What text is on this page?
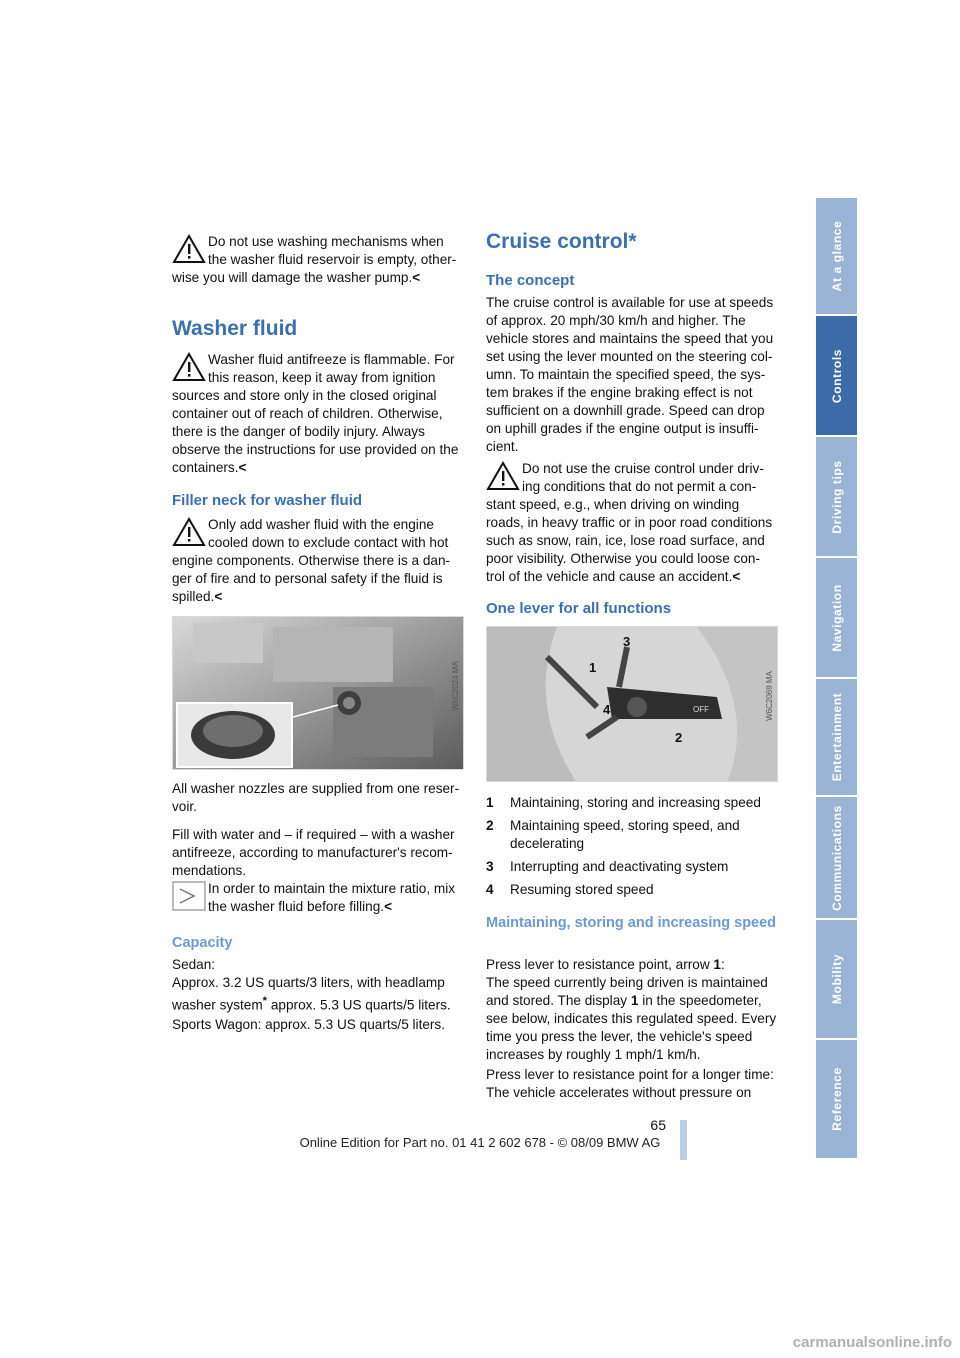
Do not use washing mechanisms when the washer fluid reservoir is empty, other-

wise you will damage the washer pump.<

Washer fluid

Washer fluid antifreeze is flammable. For this reason, keep it away from ignition

sources and store only in the closed original container out of reach of children. Otherwise, there is the danger of bodily injury. Always observe the instructions for use provided on the containers.<

Filler neck for washer fluid

Only add washer fluid with the engine cooled down to exclude contact with hot

engine components. Otherwise there is a dan-ger of fire and to personal safety if the fluid is spilled.<

W6C2024 MA

All washer nozzles are supplied from one reser-voir.

Fill with water and – if required – with a washer antifreeze, according to manufacturer's recom-mendations.

In order to maintain the mixture ratio, mix the washer fluid before filling.<

Capacity

Sedan:

Approx. 3.2 US quarts/3 liters, with headlamp washer system* approx. 5.3 US quarts/5 liters.

Sports Wagon: approx. 5.3 US quarts/5 liters.

Cruise control*
The concept

The cruise control is available for use at speeds of approx. 20 mph/30 km/h and higher. The vehicle stores and maintains the speed that you set using the lever mounted on the steering col-umn. To maintain the specified speed, the sys-tem brakes if the engine braking effect is not sufficient on a downhill grade. Speed can drop on uphill grades if the engine output is insuffi-cient.

Do not use the cruise control under driv-ing conditions that do not permit a con-

stant speed, e.g., when driving on winding roads, in heavy traffic or in poor road conditions such as snow, rain, ice, lose road surface, and poor visibility. Otherwise you could loose con-trol of the vehicle and cause an accident.<

One lever for all functions
1
2
3
4	OFF	W6C2069 MA
1 Maintaining, storing and increasing speed
2 Maintaining speed, storing speed, and decelerating
3 Interrupting and deactivating system
4 Resuming stored speed
Maintaining, storing and increasing speed

Press lever to resistance point, arrow 1:
The speed currently being driven is maintained and stored. The display 1 in the speedometer, see below, indicates this regulated speed. Every time you press the lever, the vehicle's speed increases by roughly 1 mph/1 km/h.

Press lever to resistance point for a longer time: The vehicle accelerates without pressure on

At a glance
Controls
Driving tips
Navigation
Entertainment
Communications
Mobility
Reference
65
Online Edition for Part no. 01 41 2 602 678 - © 08/09 BMW AG
carmanualsonline.info
